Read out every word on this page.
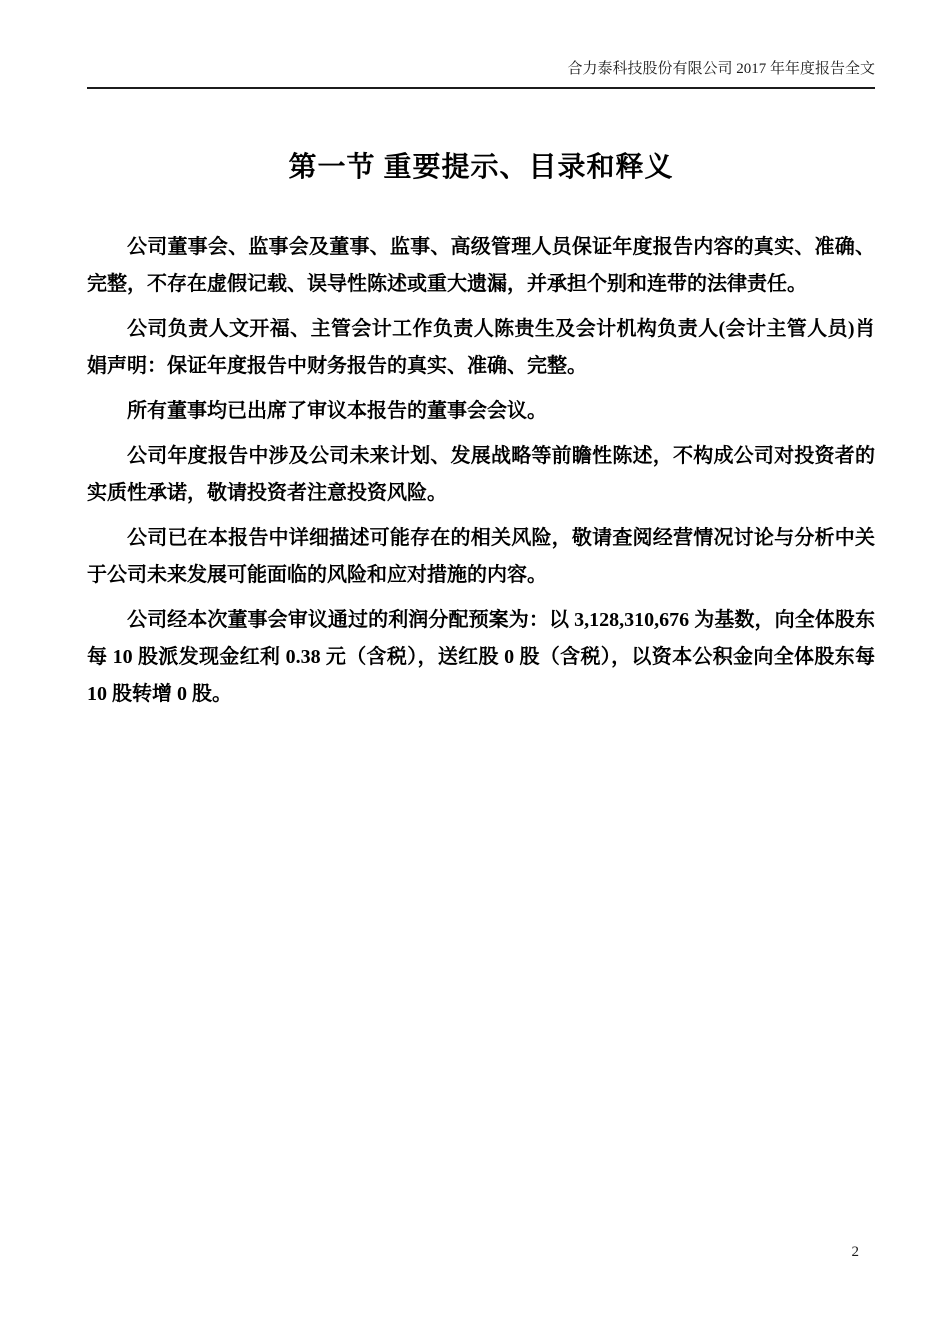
合力泰科技股份有限公司 2017 年年度报告全文
第一节 重要提示、目录和释义

公司董事会、监事会及董事、监事、高级管理人员保证年度报告内容的真实、准确、完整，不存在虚假记载、误导性陈述或重大遗漏，并承担个别和连带的法律责任。

公司负责人文开福、主管会计工作负责人陈贵生及会计机构负责人(会计主管人员)肖娟声明：保证年度报告中财务报告的真实、准确、完整。

所有董事均已出席了审议本报告的董事会会议。

公司年度报告中涉及公司未来计划、发展战略等前瞻性陈述，不构成公司对投资者的实质性承诺，敬请投资者注意投资风险。

公司已在本报告中详细描述可能存在的相关风险，敬请查阅经营情况讨论与分析中关于公司未来发展可能面临的风险和应对措施的内容。

公司经本次董事会审议通过的利润分配预案为：以 3,128,310,676 为基数，向全体股东每 10 股派发现金红利 0.38 元（含税），送红股 0 股（含税），以资本公积金向全体股东每 10 股转增 0 股。

2
